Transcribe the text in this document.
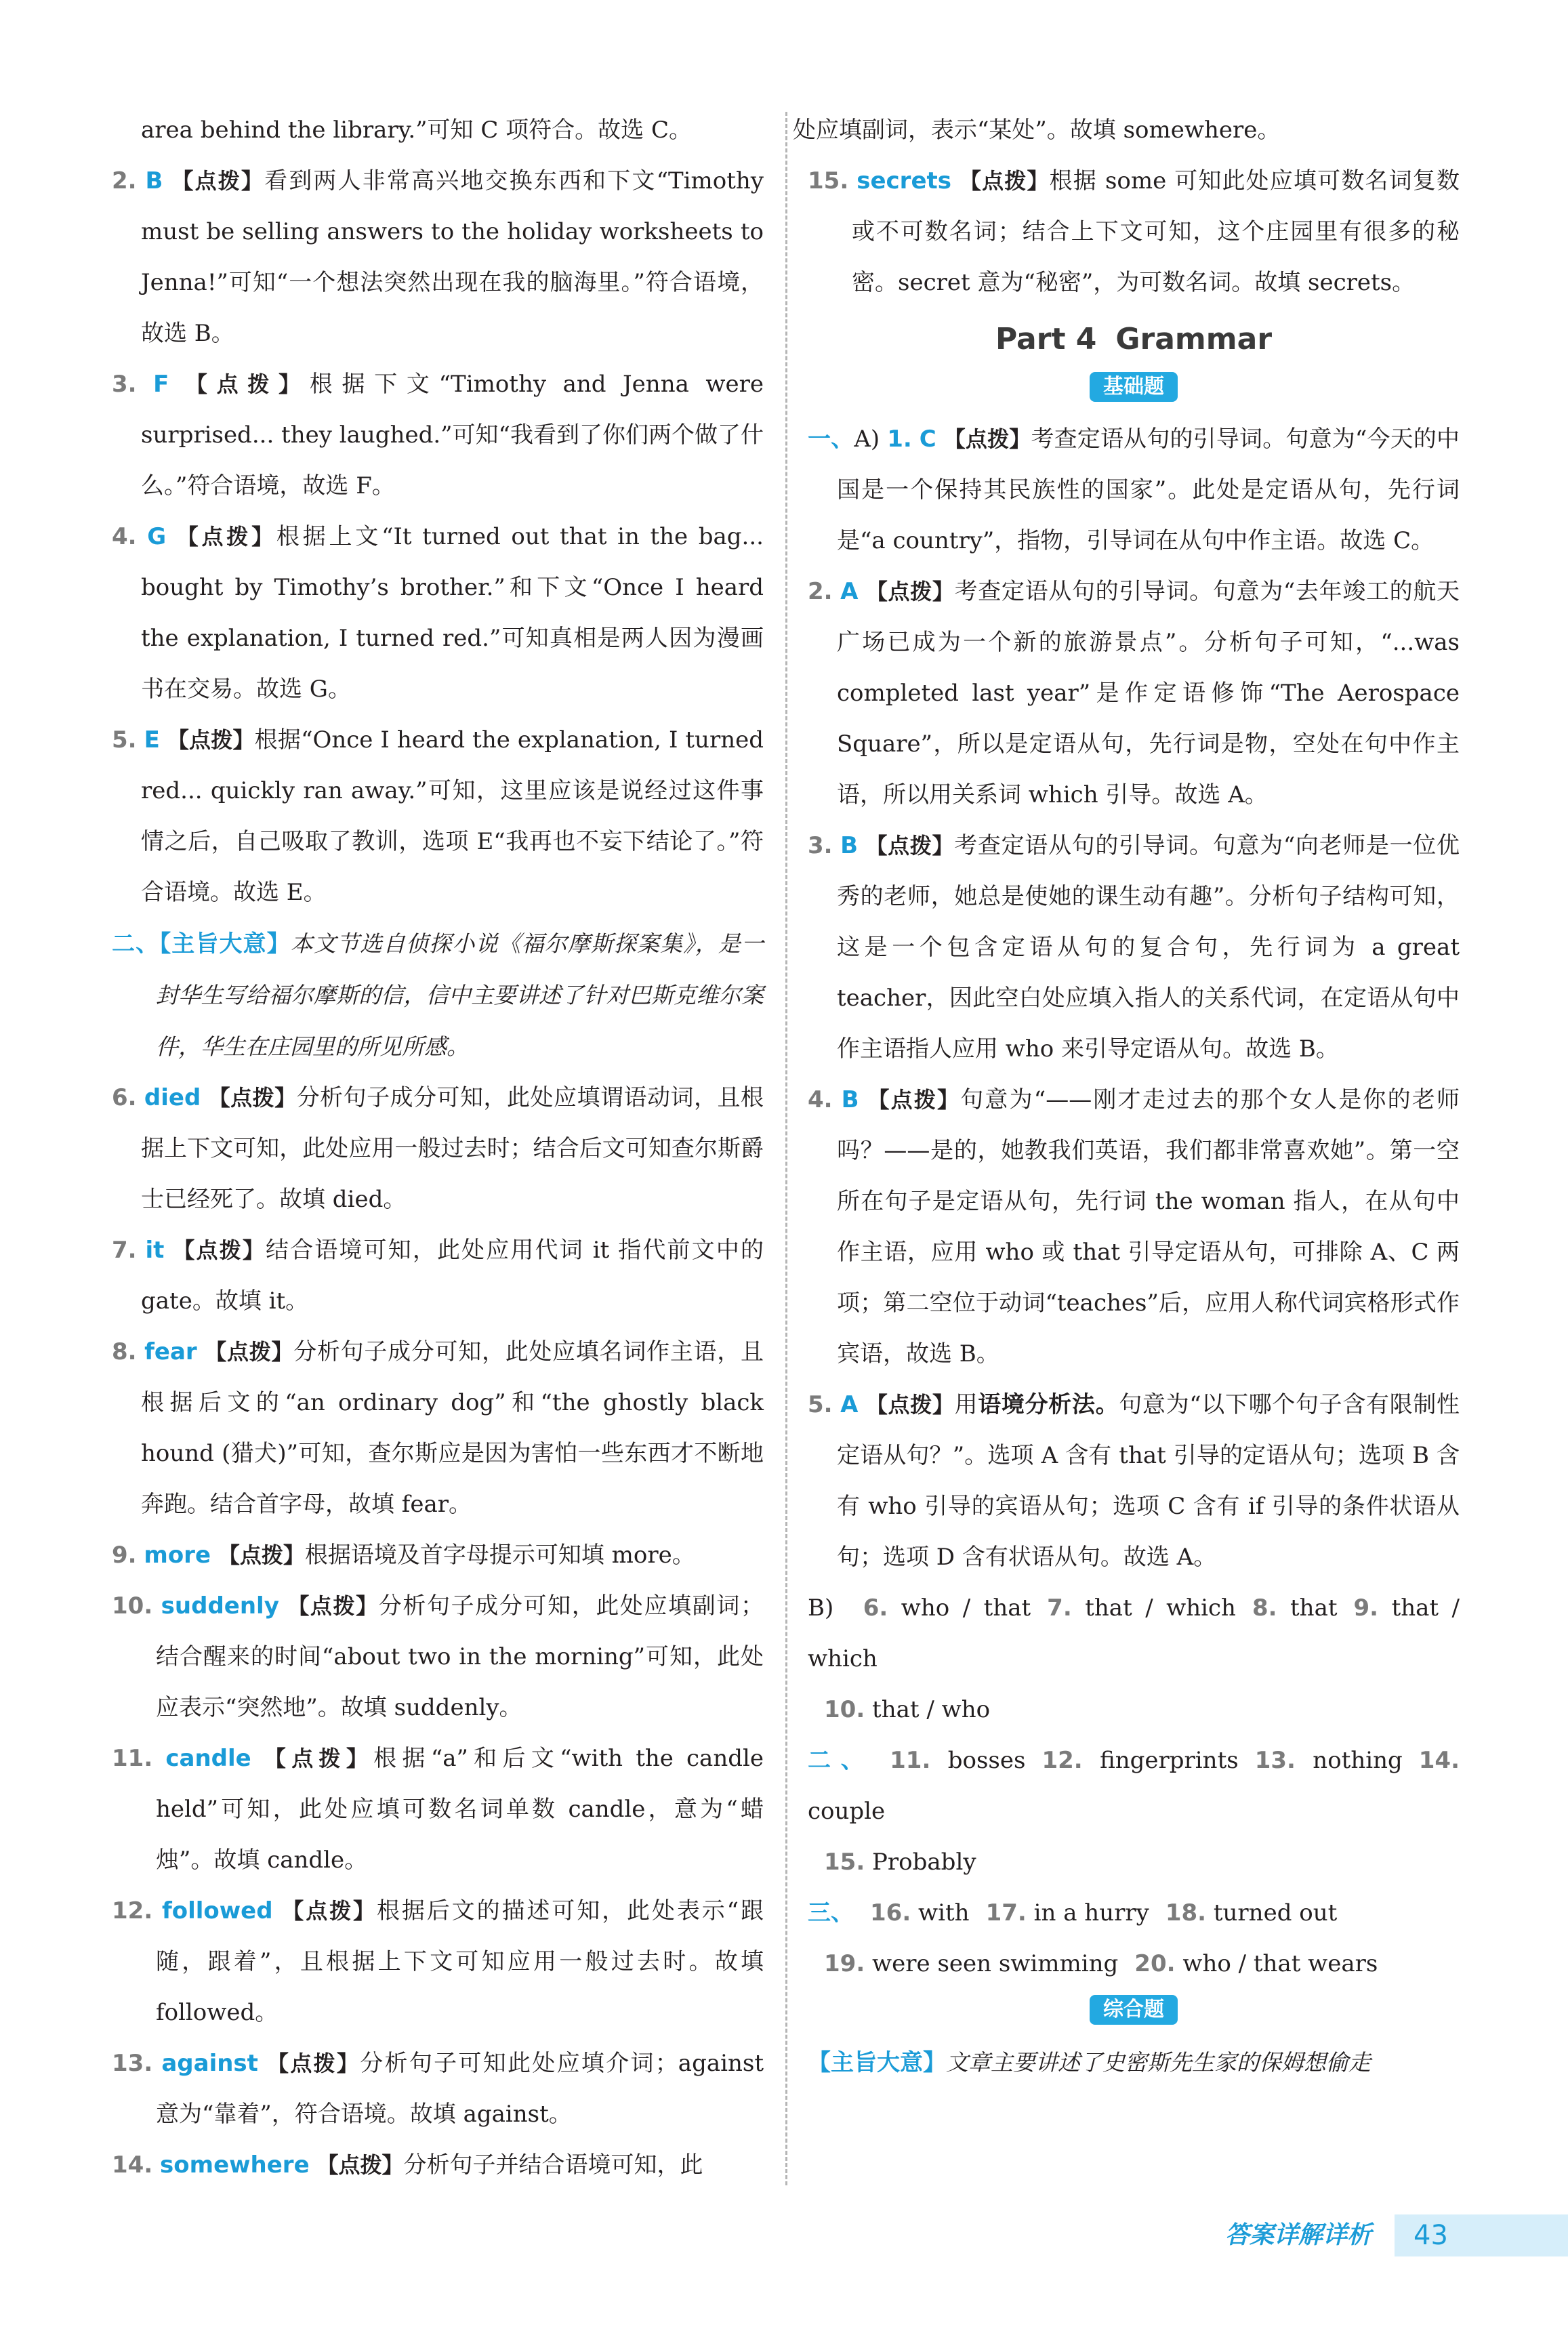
area behind the library.”可知 C 项符合。故选 C。

2. B 【点拨】看到两人非常高兴地交换东西和下文“Timothy must be selling answers to the holiday worksheets to Jenna!”可知“一个想法突然出现在我的脑海里。”符合语境，故选 B。

3. F 【点拨】根据下文“Timothy and Jenna were surprised... they laughed.”可知“我看到了你们两个做了什么。”符合语境，故选 F。

4. G 【点拨】根据上文“It turned out that in the bag... bought by Timothy’s brother.”和下文“Once I heard the explanation, I turned red.”可知真相是两人因为漫画书在交易。故选 G。

5. E 【点拨】根据“Once I heard the explanation, I turned red... quickly ran away.”可知，这里应该是说经过这件事情之后，自己吸取了教训，选项 E“我再也不妄下结论了。”符合语境。故选 E。

二、【主旨大意】本文节选自侦探小说《福尔摩斯探案集》，是一封华生写给福尔摩斯的信，信中主要讲述了针对巴斯克维尔案件，华生在庄园里的所见所感。

6. died 【点拨】分析句子成分可知，此处应填谓语动词，且根据上下文可知，此处应用一般过去时；结合后文可知查尔斯爵士已经死了。故填 died。

7. it 【点拨】结合语境可知，此处应用代词 it 指代前文中的 gate。故填 it。

8. fear 【点拨】分析句子成分可知，此处应填名词作主语，且根据后文的“an ordinary dog”和“the ghostly black hound (猎犬)”可知，查尔斯应是因为害怕一些东西才不断地奔跑。结合首字母，故填 fear。

9. more 【点拨】根据语境及首字母提示可知填 more。

10. suddenly 【点拨】分析句子成分可知，此处应填副词；结合醒来的时间“about two in the morning”可知，此处应表示“突然地”。故填 suddenly。

11. candle 【点拨】根据“a”和后文“with the candle held”可知，此处应填可数名词单数 candle，意为“蜡烛”。故填 candle。

12. followed 【点拨】根据后文的描述可知，此处表示“跟随，跟着”，且根据上下文可知应用一般过去时。故填 followed。

13. against 【点拨】分析句子可知此处应填介词；against 意为“靠着”，符合语境。故填 against。

14. somewhere 【点拨】分析句子并结合语境可知，此

处应填副词，表示“某处”。故填 somewhere。

15. secrets 【点拨】根据 some 可知此处应填可数名词复数或不可数名词；结合上下文可知，这个庄园里有很多的秘密。secret 意为“秘密”，为可数名词。故填 secrets。

Part 4 Grammar
基础题

一、A) 1. C 【点拨】考查定语从句的引导词。句意为“今天的中国是一个保持其民族性的国家”。此处是定语从句，先行词是“a country”，指物，引导词在从句中作主语。故选 C。

2. A 【点拨】考查定语从句的引导词。句意为“去年竣工的航天广场已成为一个新的旅游景点”。分析句子可知，“...was completed last year”是作定语修饰“The Aerospace Square”，所以是定语从句，先行词是物，空处在句中作主语，所以用关系词 which 引导。故选 A。

3. B 【点拨】考查定语从句的引导词。句意为“向老师是一位优秀的老师，她总是使她的课生动有趣”。分析句子结构可知，这是一个包含定语从句的复合句，先行词为 a great teacher，因此空白处应填入指人的关系代词，在定语从句中作主语指人应用 who 来引导定语从句。故选 B。

4. B 【点拨】句意为“——刚才走过去的那个女人是你的老师吗？——是的，她教我们英语，我们都非常喜欢她”。第一空所在句子是定语从句，先行词 the woman 指人，在从句中作主语，应用 who 或 that 引导定语从句，可排除 A、C 两项；第二空位于动词“teaches”后，应用人称代词宾格形式作宾语，故选 B。

5. A 【点拨】用语境分析法。句意为“以下哪个句子含有限制性定语从句？”。选项 A 含有 that 引导的定语从句；选项 B 含有 who 引导的宾语从句；选项 C 含有 if 引导的条件状语从句；选项 D 含有状语从句。故选 A。

B) 6. who / that 7. that / which 8. that 9. that / which
10. that / who

二、 11. bosses 12. fingerprints 13. nothing 14. couple
15. Probably

三、 16. with 17. in a hurry 18. turned out
19. were seen swimming 20. who / that wears

综合题

【主旨大意】文章主要讲述了史密斯先生家的保姆想偷走

答案详解详析 43
